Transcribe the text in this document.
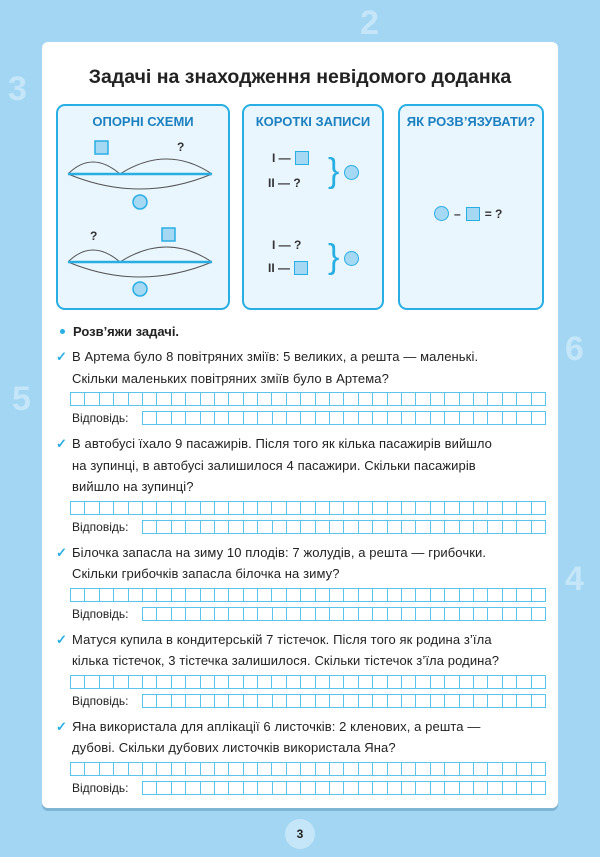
3
5
6
4
2
Задачі на знаходження невідомого доданка
ОПОРНІ СХЕМИ
?
?
КОРОТКІ ЗАПИСИ
I —
II — ? }
I — ?
II — }
ЯК РОЗВ’ЯЗУВАТИ?
– = ?
Розв’яжи задачі.
✓ В Артема було 8 повітряних зміїв: 5 великих, а решта — маленькі.
Скільки маленьких повітряних зміїв було в Артема?
Відповідь:
✓ В автобусі їхало 9 пасажирів. Після того як кілька пасажирів вийшло
на зупинці, в автобусі залишилося 4 пасажири. Скільки пасажирів
вийшло на зупинці?
Відповідь:
✓ Білочка запасла на зиму 10 плодів: 7 жолудів, а решта — грибочки.
Скільки грибочків запасла білочка на зиму?
Відповідь:
✓ Матуся купила в кондитерській 7 тістечок. Після того як родина з’їла
кілька тістечок, 3 тістечка залишилося. Скільки тістечок з’їла родина?
Відповідь:
✓ Яна використала для аплікації 6 листочків: 2 кленових, а решта —
дубові. Скільки дубових листочків використала Яна?
Відповідь:
3
